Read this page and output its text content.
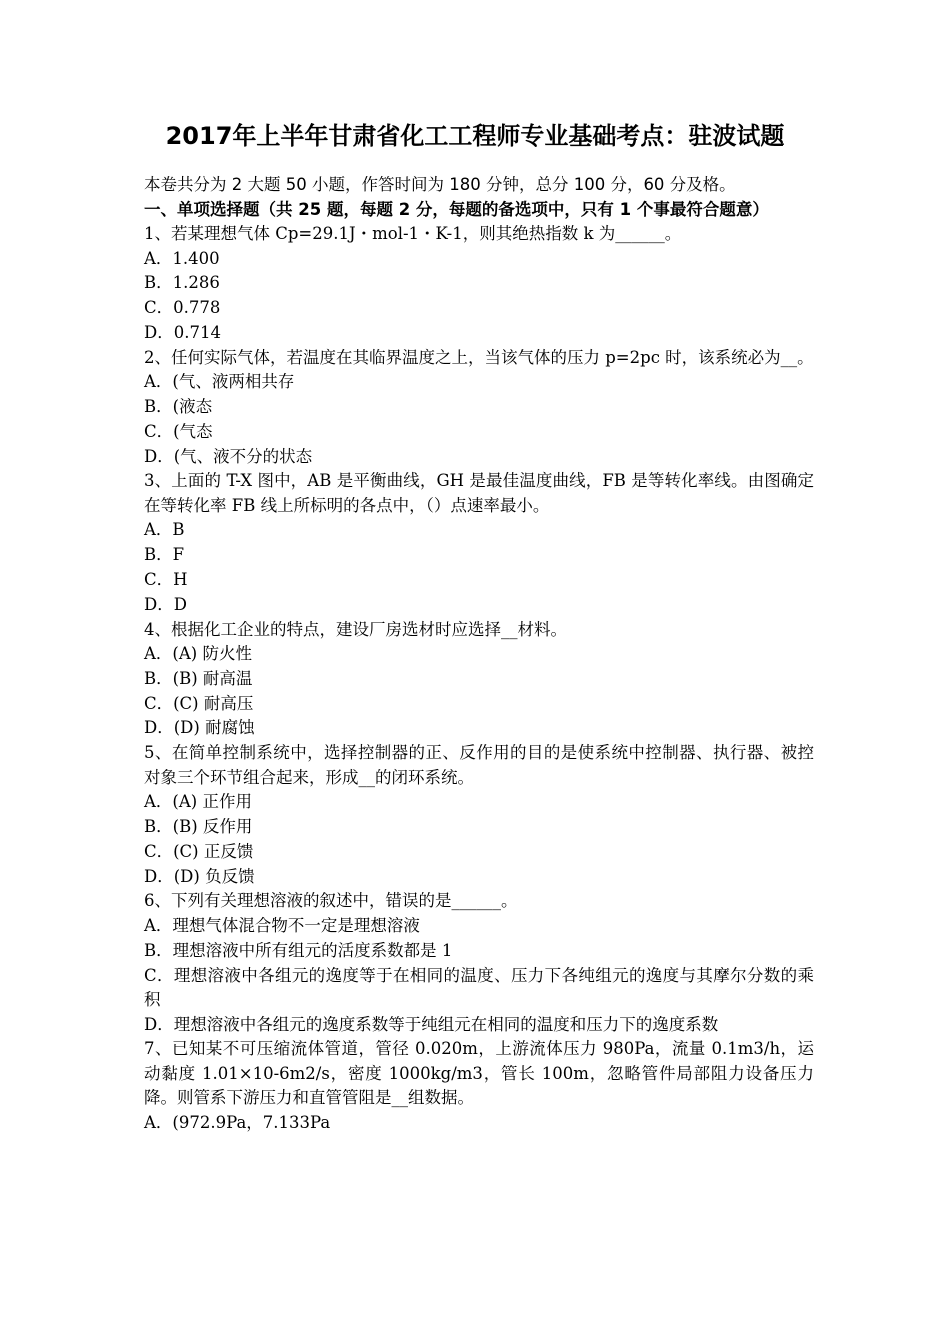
2017年上半年甘肃省化工工程师专业基础考点：驻波试题
本卷共分为 2 大题 50 小题，作答时间为 180 分钟，总分 100 分，60 分及格。
一、单项选择题（共 25 题，每题 2 分，每题的备选项中，只有 1 个事最符合题意）
1、若某理想气体 Cp=29.1J・mol-1・K-1，则其绝热指数 k 为______。
A．1.400
B．1.286
C．0.778
D．0.714
2、任何实际气体，若温度在其临界温度之上，当该气体的压力 p=2pc 时，该系统必为__。
A．(气、液两相共存
B．(液态
C．(气态
D．(气、液不分的状态
3、上面的 T-X 图中，AB 是平衡曲线，GH 是最佳温度曲线，FB 是等转化率线。由图确定在等转化率 FB 线上所标明的各点中，（）点速率最小。
A．B
B．F
C．H
D．D
4、根据化工企业的特点，建设厂房选材时应选择__材料。
A．(A) 防火性
B．(B) 耐高温
C．(C) 耐高压
D．(D) 耐腐蚀
5、在简单控制系统中，选择控制器的正、反作用的目的是使系统中控制器、执行器、被控对象三个环节组合起来，形成__的闭环系统。
A．(A) 正作用
B．(B) 反作用
C．(C) 正反馈
D．(D) 负反馈
6、下列有关理想溶液的叙述中，错误的是______。
A．理想气体混合物不一定是理想溶液
B．理想溶液中所有组元的活度系数都是 1
C．理想溶液中各组元的逸度等于在相同的温度、压力下各纯组元的逸度与其摩尔分数的乘积
D．理想溶液中各组元的逸度系数等于纯组元在相同的温度和压力下的逸度系数
7、已知某不可压缩流体管道，管径 0.020m，上游流体压力 980Pa，流量 0.1m3/h，运动黏度 1.01×10-6m2/s，密度 1000kg/m3，管长 100m，忽略管件局部阻力设备压力降。则管系下游压力和直管管阻是__组数据。
A．(972.9Pa，7.133Pa
